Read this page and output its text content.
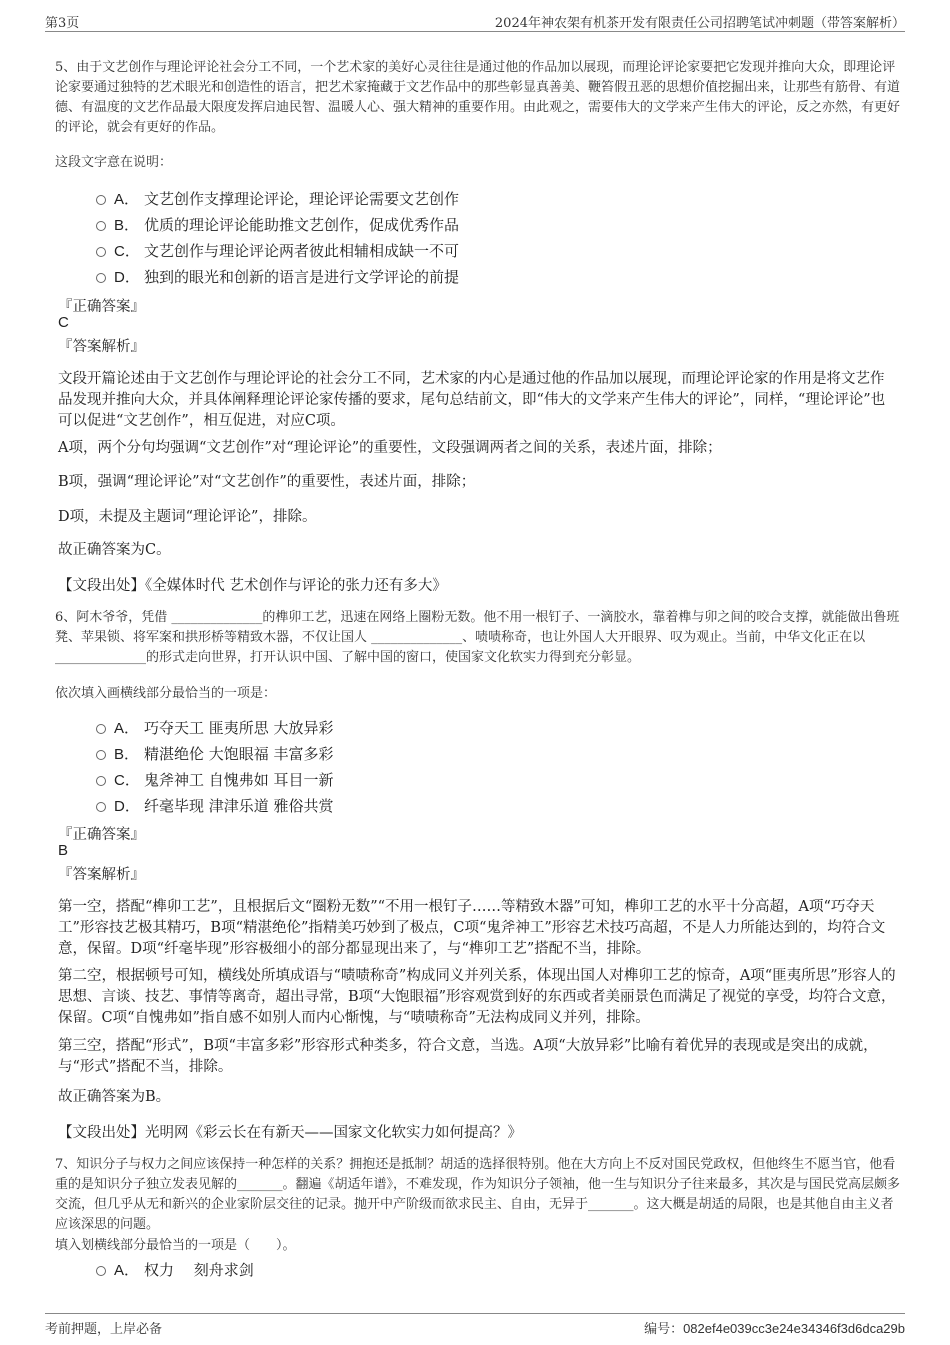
第3页	2024年神农架有机茶开发有限责任公司招聘笔试冲刺题（带答案解析）
5、由于文艺创作与理论评论社会分工不同，一个艺术家的美好心灵往往是通过他的作品加以展现，而理论评论家要把它发现并推向大众，即理论评论家要通过独特的艺术眼光和创造性的语言，把艺术家掩藏于文艺作品中的那些彰显真善美、鞭笞假丑恶的思想价值挖掘出来，让那些有筋骨、有道德、有温度的文艺作品最大限度发挥启迪民智、温暖人心、强大精神的重要作用。由此观之，需要伟大的文学来产生伟大的评论，反之亦然，有更好的评论，就会有更好的作品。
这段文字意在说明：
A． 文艺创作支撑理论评论，理论评论需要文艺创作
B． 优质的理论评论能助推文艺创作，促成优秀作品
C． 文艺创作与理论评论两者彼此相辅相成缺一不可
D． 独到的眼光和创新的语言是进行文学评论的前提
『正确答案』
C
『答案解析』
文段开篇论述由于文艺创作与理论评论的社会分工不同，艺术家的内心是通过他的作品加以展现，而理论评论家的作用是将文艺作品发现并推向大众，并具体阐释理论评论家传播的要求，尾句总结前文，即“伟大的文学来产生伟大的评论”，同样，“理论评论”也可以促进“文艺创作”，相互促进，对应C项。
A项，两个分句均强调“文艺创作”对“理论评论”的重要性，文段强调两者之间的关系，表述片面，排除；
B项，强调“理论评论”对“文艺创作”的重要性，表述片面，排除；
D项，未提及主题词“理论评论”，排除。
故正确答案为C。
【文段出处】《全媒体时代 艺术创作与评论的张力还有多大》
6、阿木爷爷，凭借 ______________的榫卯工艺，迅速在网络上圈粉无数。他不用一根钉子、一滴胶水，靠着榫与卯之间的咬合支撑，就能做出鲁班凳、苹果锁、将军案和拱形桥等精致木器，不仅让国人 ______________、啧啧称奇，也让外国人大开眼界、叹为观止。当前，中华文化正在以 ______________的形式走向世界，打开认识中国、了解中国的窗口，使国家文化软实力得到充分彰显。
依次填入画横线部分最恰当的一项是：
A． 巧夺天工 匪夷所思 大放异彩
B． 精湛绝伦 大饱眼福 丰富多彩
C． 鬼斧神工 自愧弗如 耳目一新
D． 纤毫毕现 津津乐道 雅俗共赏
『正确答案』
B
『答案解析』
第一空，搭配“榫卯工艺”，且根据后文“圈粉无数”“不用一根钉子……等精致木器”可知，榫卯工艺的水平十分高超，A项“巧夺天工”形容技艺极其精巧，B项“精湛绝伦”指精美巧妙到了极点，C项“鬼斧神工”形容艺术技巧高超，不是人力所能达到的，均符合文意，保留。D项“纤毫毕现”形容极细小的部分都显现出来了，与“榫卯工艺”搭配不当，排除。
第二空，根据顿号可知，横线处所填成语与“啧啧称奇”构成同义并列关系，体现出国人对榫卯工艺的惊奇，A项“匪夷所思”形容人的思想、言谈、技艺、事情等离奇，超出寻常，B项“大饱眼福”形容观赏到好的东西或者美丽景色而满足了视觉的享受，均符合文意，保留。C项“自愧弗如”指自感不如别人而内心惭愧，与“啧啧称奇”无法构成同义并列，排除。
第三空，搭配“形式”，B项“丰富多彩”形容形式种类多，符合文意，当选。A项“大放异彩”比喻有着优异的表现或是突出的成就，与“形式”搭配不当，排除。
故正确答案为B。
【文段出处】光明网《彩云长在有新天——国家文化软实力如何提高？》
7、知识分子与权力之间应该保持一种怎样的关系？拥抱还是抵制？胡适的选择很特别。他在大方向上不反对国民党政权，但他终生不愿当官，他看重的是知识分子独立发表见解的_______。翻遍《胡适年谱》，不难发现，作为知识分子领袖，他一生与知识分子往来最多，其次是与国民党高层颇多交流，但几乎从无和新兴的企业家阶层交往的记录。抛开中产阶级而欲求民主、自由，无异于_______。这大概是胡适的局限，也是其他自由主义者应该深思的问题。
填入划横线部分最恰当的一项是（　　）。
A． 权力　 刻舟求剑
考前押题，上岸必备	编号：082ef4e039cc3e24e34346f3d6dca29b
